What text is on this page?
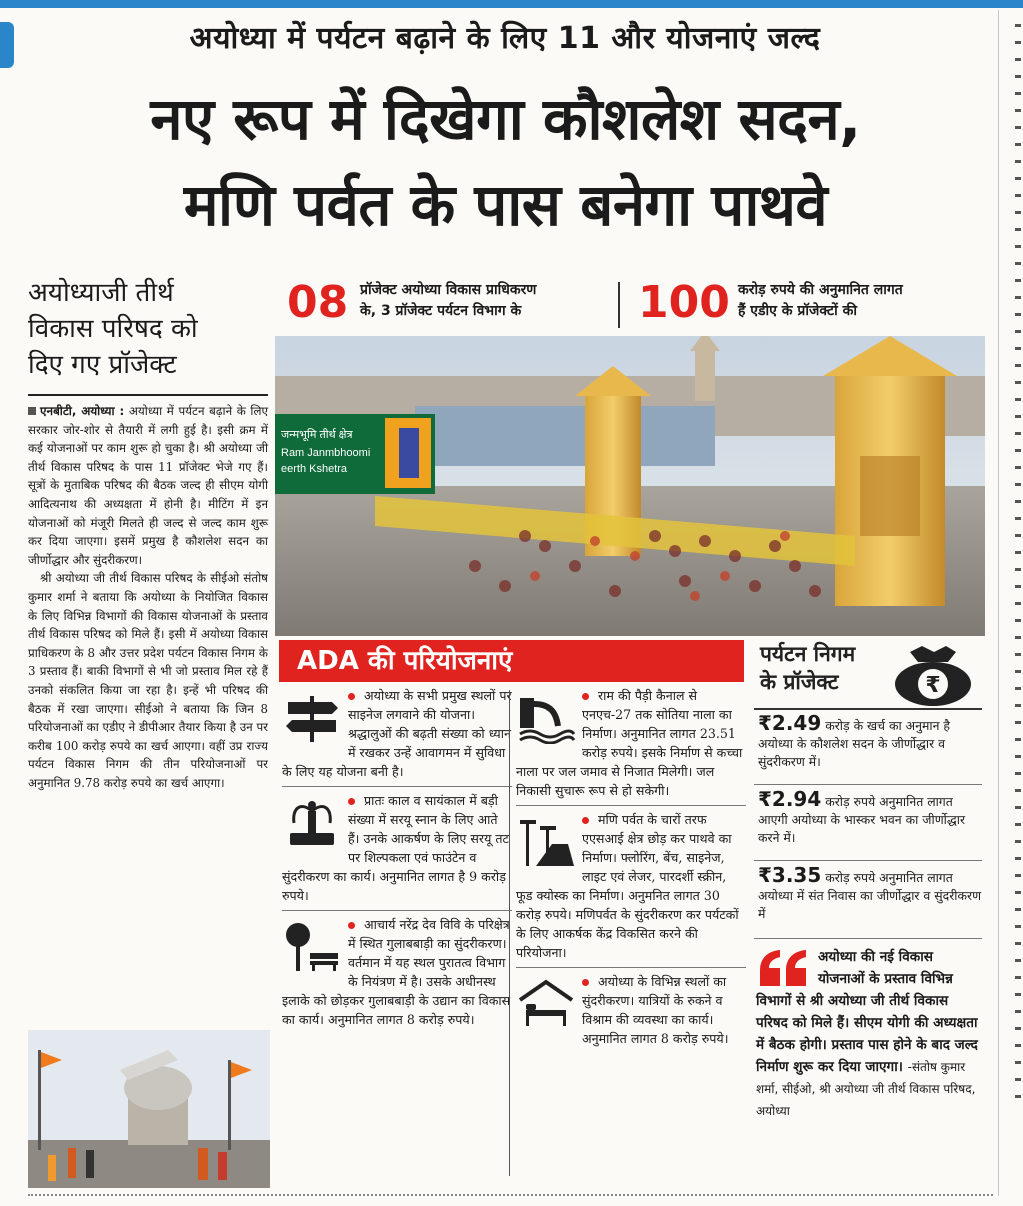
अयोध्या में पर्यटन बढ़ाने के लिए 11 और योजनाएं जल्द
नए रूप में दिखेगा कौशलेश सदन,
मणि पर्वत के पास बनेगा पाथवे
अयोध्याजी तीर्थ
विकास परिषद को
दिए गए प्रॉजेक्ट

एनबीटी, अयोध्या : अयोध्या में पर्यटन बढ़ाने के लिए सरकार जोर-शोर से तैयारी में लगी हुई है। इसी क्रम में कई योजनाओं पर काम शुरू हो चुका है। श्री अयोध्या जी तीर्थ विकास परिषद के पास 11 प्रॉजेक्ट भेजे गए हैं। सूत्रों के मुताबिक परिषद की बैठक जल्द ही सीएम योगी आदित्यनाथ की अध्यक्षता में होनी है। मीटिंग में इन योजनाओं को मंजूरी मिलते ही जल्द से जल्द काम शुरू कर दिया जाएगा। इसमें प्रमुख है कौशलेश सदन का जीर्णोद्धार और सुंदरीकरण।

श्री अयोध्या जी तीर्थ विकास परिषद के सीईओ संतोष कुमार शर्मा ने बताया कि अयोध्या के नियोजित विकास के लिए विभिन्न विभागों की विकास योजनाओं के प्रस्ताव तीर्थ विकास परिषद को मिले हैं। इसी में अयोध्या विकास प्राधिकरण के 8 और उत्तर प्रदेश पर्यटन विकास निगम के 3 प्रस्ताव हैं। बाकी विभागों से भी जो प्रस्ताव मिल रहे हैं उनको संकलित किया जा रहा है। इन्हें भी परिषद की बैठक में रखा जाएगा। सीईओ ने बताया कि जिन 8 परियोजनाओं का एडीए ने डीपीआर तैयार किया है उन पर करीब 100 करोड़ रुपये का खर्च आएगा। वहीं उप्र राज्य पर्यटन विकास निगम की तीन परियोजनाओं पर अनुमानित 9.78 करोड़ रुपये का खर्च आएगा।

08 प्रॉजेक्ट अयोध्या विकास प्राधिकरण
के, 3 प्रॉजेक्ट पर्यटन विभाग के	100 करोड़ रुपये की अनुमानित लागत
हैं एडीए के प्रॉजेक्टों की
जन्मभूमि तीर्थ क्षेत्र
Ram Janmbhoomi
eerth Kshetra
ADA की परियोजनाएं

अयोध्या के सभी प्रमुख स्थलों पर साइनेज लगवाने की योजना। श्रद्धालुओं की बढ़ती संख्या को ध्यान में रखकर उन्हें आवागमन में सुविधा के लिए यह योजना बनी है।

प्रातः काल व सायंकाल में बड़ी संख्या में सरयू स्नान के लिए आते हैं। उनके आकर्षण के लिए सरयू तट पर शिल्पकला एवं फाउंटेन व सुंदरीकरण का कार्य। अनुमानित लागत है 9 करोड़ रुपये।

आचार्य नरेंद्र देव विवि के परिक्षेत्र में स्थित गुलाबबाड़ी का सुंदरीकरण। वर्तमान में यह स्थल पुरातत्व विभाग के नियंत्रण में है। उसके अधीनस्थ इलाके को छोड़कर गुलाबबाड़ी के उद्यान का विकास का कार्य। अनुमानित लागत 8 करोड़ रुपये।

राम की पैड़ी कैनाल से एनएच-27 तक सोतिया नाला का निर्माण। अनुमानित लागत 23.51 करोड़ रुपये। इसके निर्माण से कच्चा नाला पर जल जमाव से निजात मिलेगी। जल निकासी सुचारू रूप से हो सकेगी।

मणि पर्वत के चारों तरफ एएसआई क्षेत्र छोड़ कर पाथवे का निर्माण। फ्लोरिंग, बेंच, साइनेज, लाइट एवं लेजर, पारदर्शी स्क्रीन, फूड क्योस्क का निर्माण। अनुमनित लागत 30 करोड़ रुपये। मणिपर्वत के सुंदरीकरण कर पर्यटकों के लिए आकर्षक केंद्र विकसित करने की परियोजना।

अयोध्या के विभिन्न स्थलों का सुंदरीकरण। यात्रियों के रुकने व विश्राम की व्यवस्था का कार्य। अनुमानित लागत 8 करोड़ रुपये।
पर्यटन निगम
के प्रॉजेक्ट	₹
₹2.49 करोड़ के खर्च का अनुमान है अयोध्या के कौशलेश सदन के जीर्णोद्धार व सुंदरीकरण में।
₹2.94 करोड़ रुपये अनुमानित लागत आएगी अयोध्या के भास्कर भवन का जीर्णोद्धार करने में।
₹3.35 करोड़ रुपये अनुमानित लागत अयोध्या में संत निवास का जीर्णोद्धार व सुंदरीकरण में
अयोध्या की नई विकास योजनाओं के प्रस्ताव विभिन्न विभागों से श्री अयोध्या जी तीर्थ विकास परिषद को मिले हैं। सीएम योगी की अध्यक्षता में बैठक होगी। प्रस्ताव पास होने के बाद जल्द निर्माण शुरू कर दिया जाएगा। -संतोष कुमार शर्मा, सीईओ, श्री अयोध्या जी तीर्थ विकास परिषद, अयोध्या
